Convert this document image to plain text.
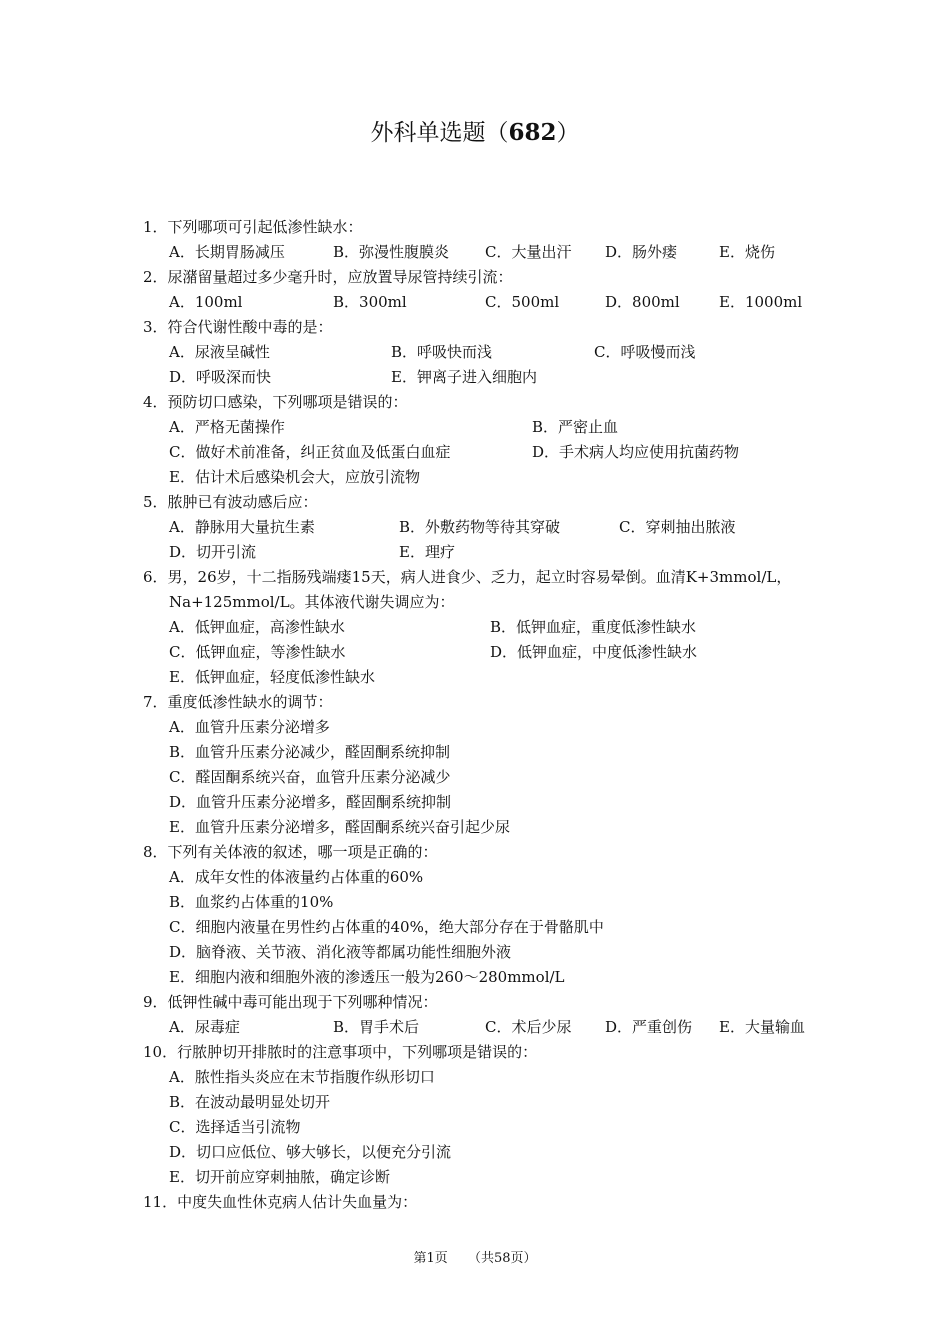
外科单选题（682）
1．下列哪项可引起低渗性缺水：
A．长期胃肠减压	B．弥漫性腹膜炎 C．大量出汗 D．肠外瘘	E．烧伤
2．尿潴留量超过多少毫升时，应放置导尿管持续引流：
A．100ml	B．300ml	C．500ml	D．800ml	E．1000ml
3．符合代谢性酸中毒的是：
A．尿液呈碱性	B．呼吸快而浅	C．呼吸慢而浅
D．呼吸深而快	E．钾离子进入细胞内
4．预防切口感染，下列哪项是错误的：
A．严格无菌操作	B．严密止血
C．做好术前准备，纠正贫血及低蛋白血症	D．手术病人均应使用抗菌药物
E．估计术后感染机会大，应放引流物
5．脓肿已有波动感后应：
A．静脉用大量抗生素	B．外敷药物等待其穿破	C．穿刺抽出脓液
D．切开引流	E．理疗
6．男，26岁，十二指肠残端瘘15天，病人进食少、乏力，起立时容易晕倒。血清K+3mmol/L，
Na+125mmol/L。其体液代谢失调应为：
A．低钾血症，高渗性缺水	B．低钾血症，重度低渗性缺水
C．低钾血症，等渗性缺水	D．低钾血症，中度低渗性缺水
E．低钾血症，轻度低渗性缺水
7．重度低渗性缺水的调节：
A．血管升压素分泌增多
B．血管升压素分泌减少，醛固酮系统抑制
C．醛固酮系统兴奋，血管升压素分泌减少
D．血管升压素分泌增多，醛固酮系统抑制
E．血管升压素分泌增多，醛固酮系统兴奋引起少尿
8．下列有关体液的叙述，哪一项是正确的：
A．成年女性的体液量约占体重的60%
B．血浆约占体重的10%
C．细胞内液量在男性约占体重的40%，绝大部分存在于骨骼肌中
D．脑脊液、关节液、消化液等都属功能性细胞外液
E．细胞内液和细胞外液的渗透压一般为260～280mmol/L
9．低钾性碱中毒可能出现于下列哪种情况：
A．尿毒症	B．胃手术后	C．术后少尿 D．严重创伤 E．大量输血
10．行脓肿切开排脓时的注意事项中，下列哪项是错误的：
A．脓性指头炎应在末节指腹作纵形切口
B．在波动最明显处切开
C．选择适当引流物
D．切口应低位、够大够长，以便充分引流
E．切开前应穿刺抽脓，确定诊断
11．中度失血性休克病人估计失血量为：
第1页 （共58页）
